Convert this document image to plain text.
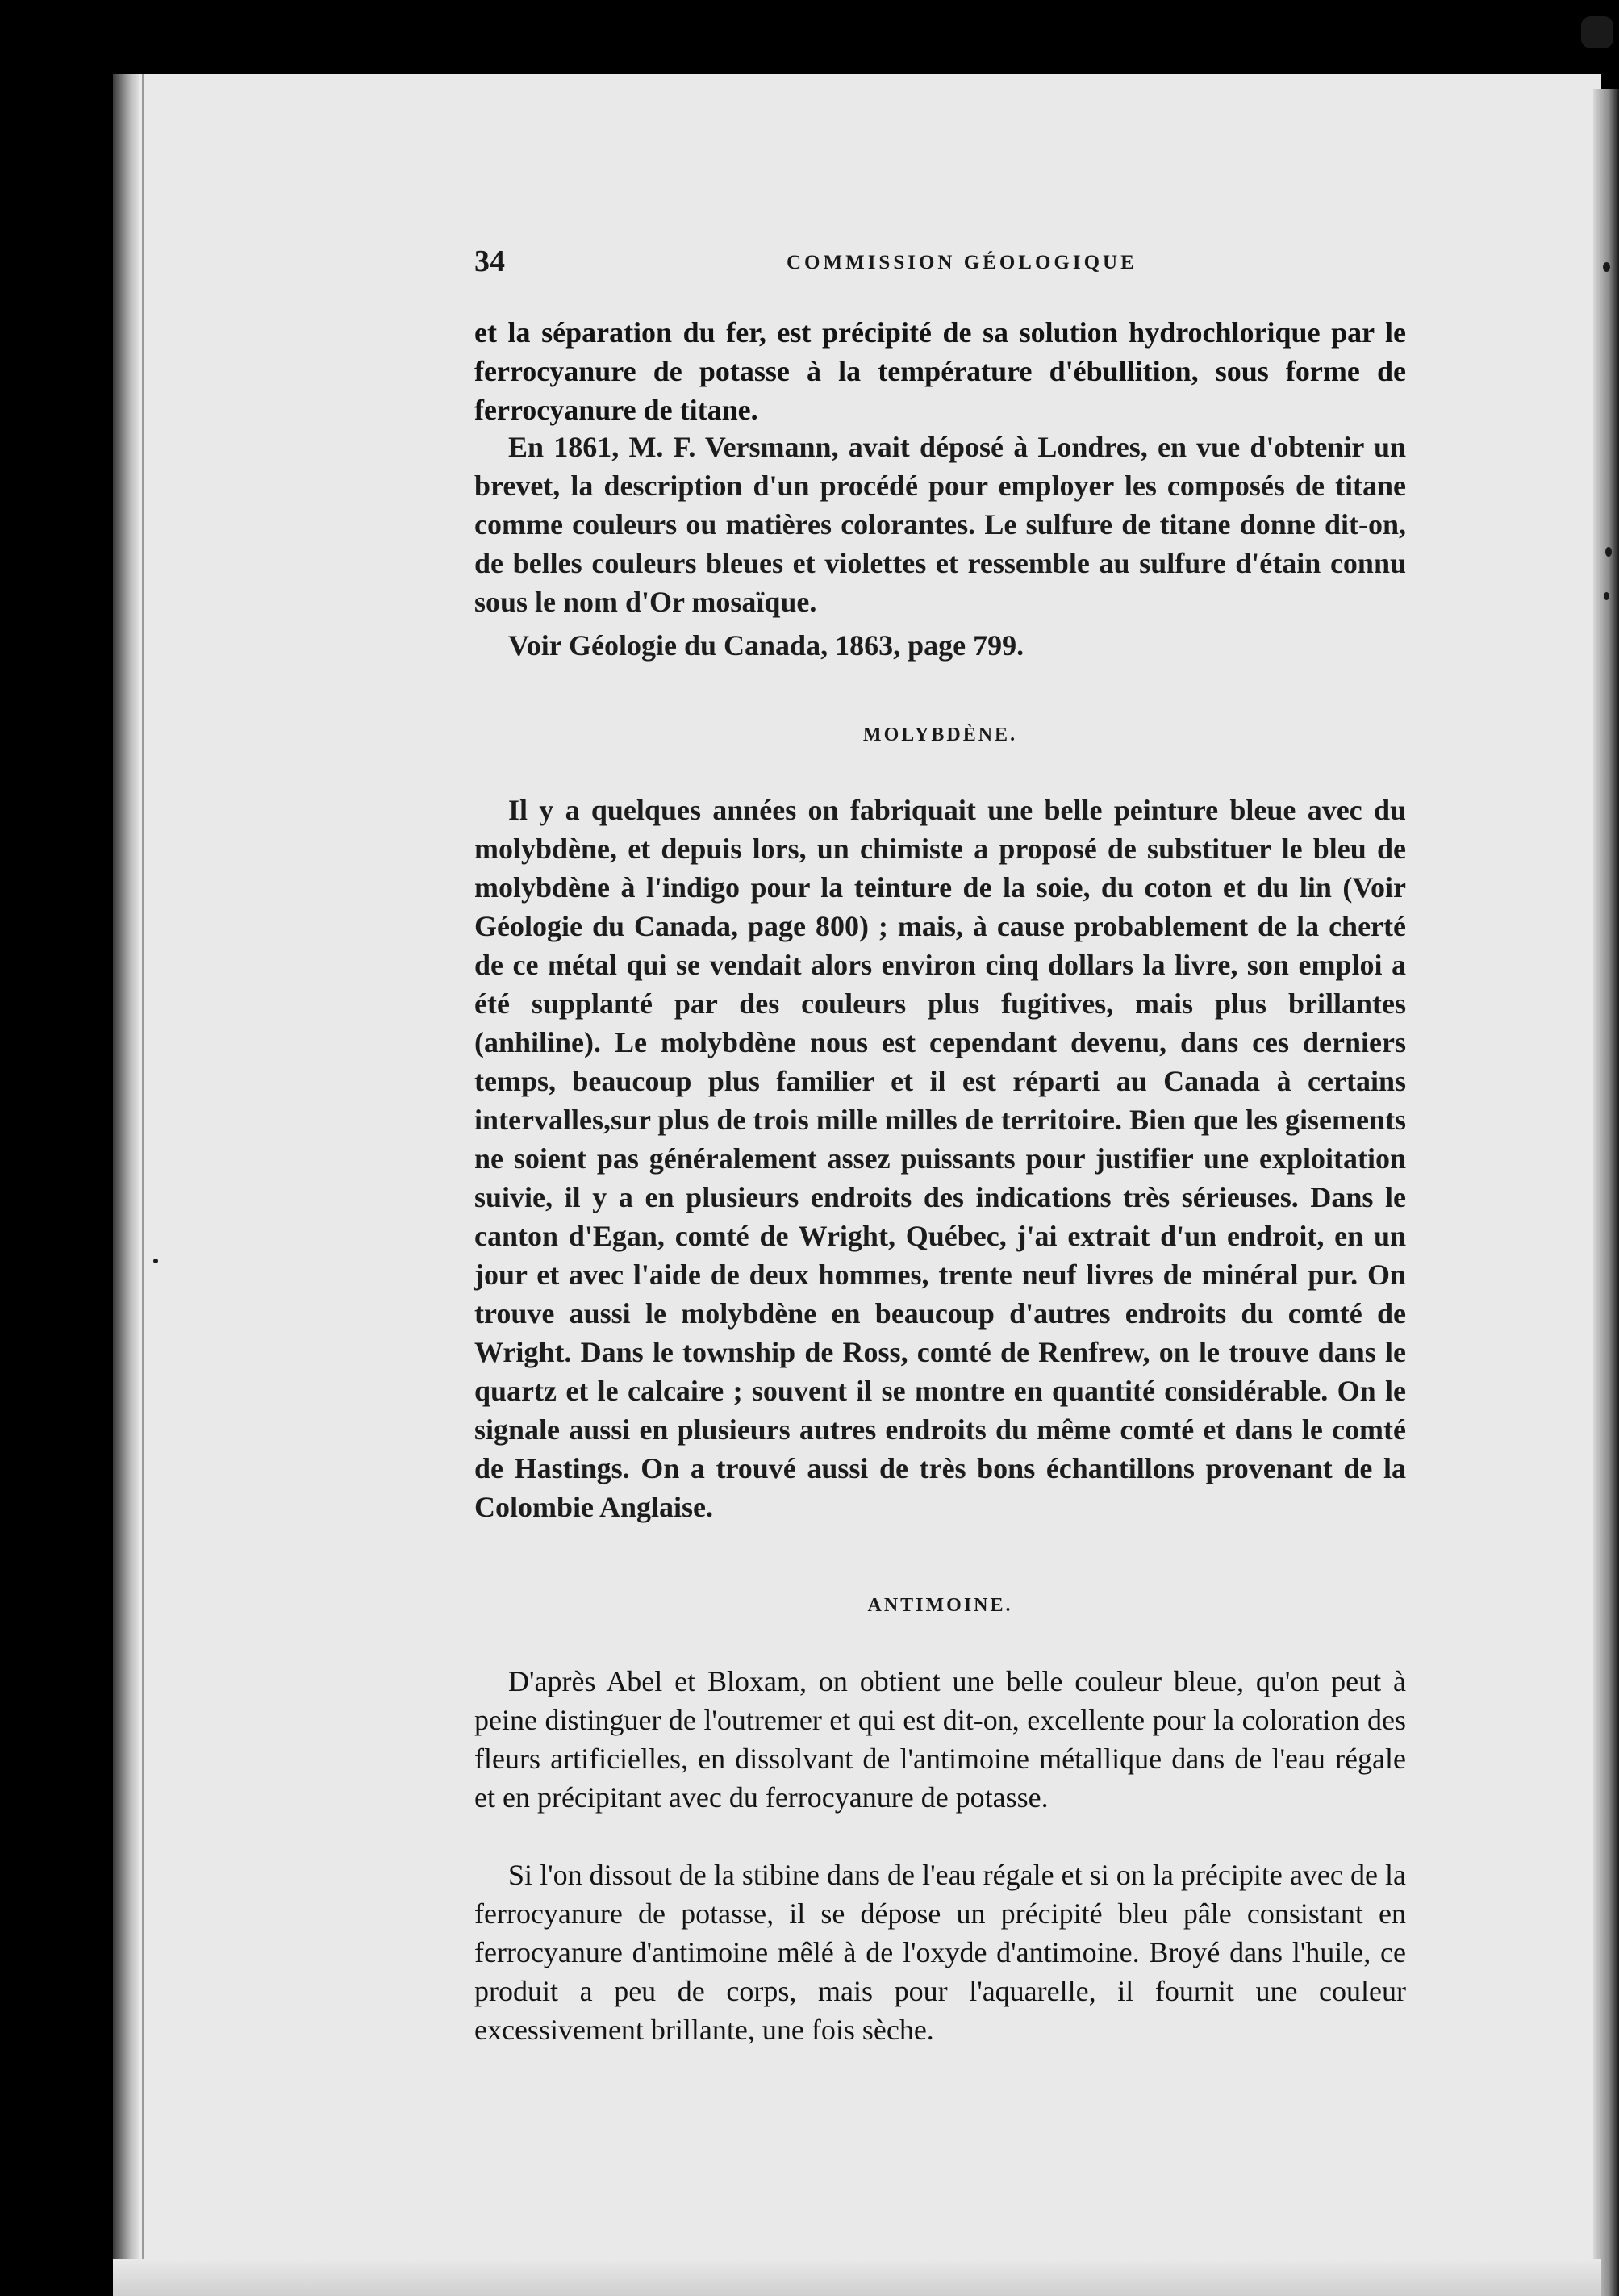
34	COMMISSION GÉOLOGIQUE

et la séparation du fer, est précipité de sa solution hydrochlorique par le ferrocyanure de potasse à la température d'ébullition, sous forme de ferrocyanure de titane.

En 1861, M. F. Versmann, avait déposé à Londres, en vue d'obtenir un brevet, la description d'un procédé pour employer les composés de titane comme couleurs ou matières colorantes. Le sulfure de titane donne dit-on, de belles couleurs bleues et violettes et ressemble au sulfure d'étain connu sous le nom d'Or mosaïque.

Voir Géologie du Canada, 1863, page 799.

MOLYBDÈNE.

Il y a quelques années on fabriquait une belle peinture bleue avec du molybdène, et depuis lors, un chimiste a proposé de substituer le bleu de molybdène à l'indigo pour la teinture de la soie, du coton et du lin (Voir Géologie du Canada, page 800) ; mais, à cause probablement de la cherté de ce métal qui se vendait alors environ cinq dollars la livre, son emploi a été supplanté par des couleurs plus fugitives, mais plus brillantes (anhiline). Le molybdène nous est cependant devenu, dans ces derniers temps, beaucoup plus familier et il est réparti au Canada à certains intervalles,sur plus de trois mille milles de territoire. Bien que les gisements ne soient pas généralement assez puissants pour justifier une exploitation suivie, il y a en plusieurs endroits des indications très sérieuses. Dans le canton d'Egan, comté de Wright, Québec, j'ai extrait d'un endroit, en un jour et avec l'aide de deux hommes, trente neuf livres de minéral pur. On trouve aussi le molybdène en beaucoup d'autres endroits du comté de Wright. Dans le township de Ross, comté de Renfrew, on le trouve dans le quartz et le calcaire ; souvent il se montre en quantité considérable. On le signale aussi en plusieurs autres endroits du même comté et dans le comté de Hastings. On a trouvé aussi de très bons échantillons provenant de la Colombie Anglaise.

ANTIMOINE.

D'après Abel et Bloxam, on obtient une belle couleur bleue, qu'on peut à peine distinguer de l'outremer et qui est dit-on, excellente pour la coloration des fleurs artificielles, en dissolvant de l'antimoine métallique dans de l'eau régale et en précipitant avec du ferrocyanure de potasse.

Si l'on dissout de la stibine dans de l'eau régale et si on la précipite avec de la ferrocyanure de potasse, il se dépose un précipité bleu pâle consistant en ferrocyanure d'antimoine mêlé à de l'oxyde d'antimoine. Broyé dans l'huile, ce produit a peu de corps, mais pour l'aquarelle, il fournit une couleur excessivement brillante, une fois sèche.
